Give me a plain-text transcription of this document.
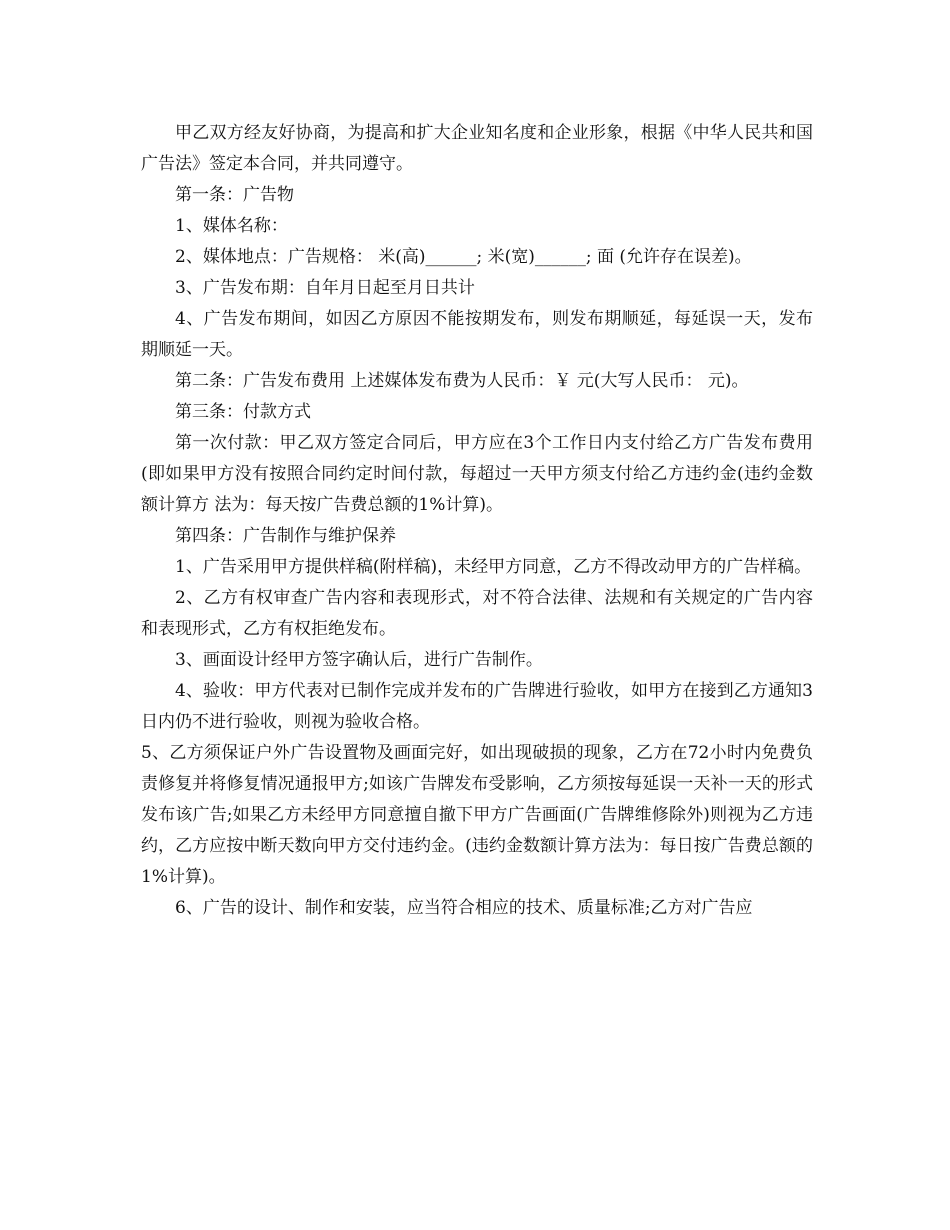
甲乙双方经友好协商，为提高和扩大企业知名度和企业形象，根据《中华人民共和国广告法》签定本合同，并共同遵守。

第一条：广告物

1、媒体名称：

2、媒体地点：广告规格： 米(高)______; 米(宽)______; 面 (允许存在误差)。

3、广告发布期：自年月日起至月日共计

4、广告发布期间，如因乙方原因不能按期发布，则发布期顺延，每延误一天，发布期顺延一天。

第二条：广告发布费用 上述媒体发布费为人民币：￥ 元(大写人民币： 元)。

第三条：付款方式

第一次付款：甲乙双方签定合同后，甲方应在3个工作日内支付给乙方广告发布费用(即如果甲方没有按照合同约定时间付款，每超过一天甲方须支付给乙方违约金(违约金数额计算方 法为：每天按广告费总额的1%计算)。

第四条：广告制作与维护保养

1、广告采用甲方提供样稿(附样稿)，未经甲方同意，乙方不得改动甲方的广告样稿。

2、乙方有权审查广告内容和表现形式，对不符合法律、法规和有关规定的广告内容和表现形式，乙方有权拒绝发布。

3、画面设计经甲方签字确认后，进行广告制作。

4、验收：甲方代表对已制作完成并发布的广告牌进行验收，如甲方在接到乙方通知3日内仍不进行验收，则视为验收合格。

5、乙方须保证户外广告设置物及画面完好，如出现破损的现象，乙方在72小时内免费负责修复并将修复情况通报甲方;如该广告牌发布受影响，乙方须按每延误一天补一天的形式发布该广告;如果乙方未经甲方同意擅自撤下甲方广告画面(广告牌维修除外)则视为乙方违约，乙方应按中断天数向甲方交付违约金。(违约金数额计算方法为：每日按广告费总额的1%计算)。

6、广告的设计、制作和安装，应当符合相应的技术、质量标准;乙方对广告应
